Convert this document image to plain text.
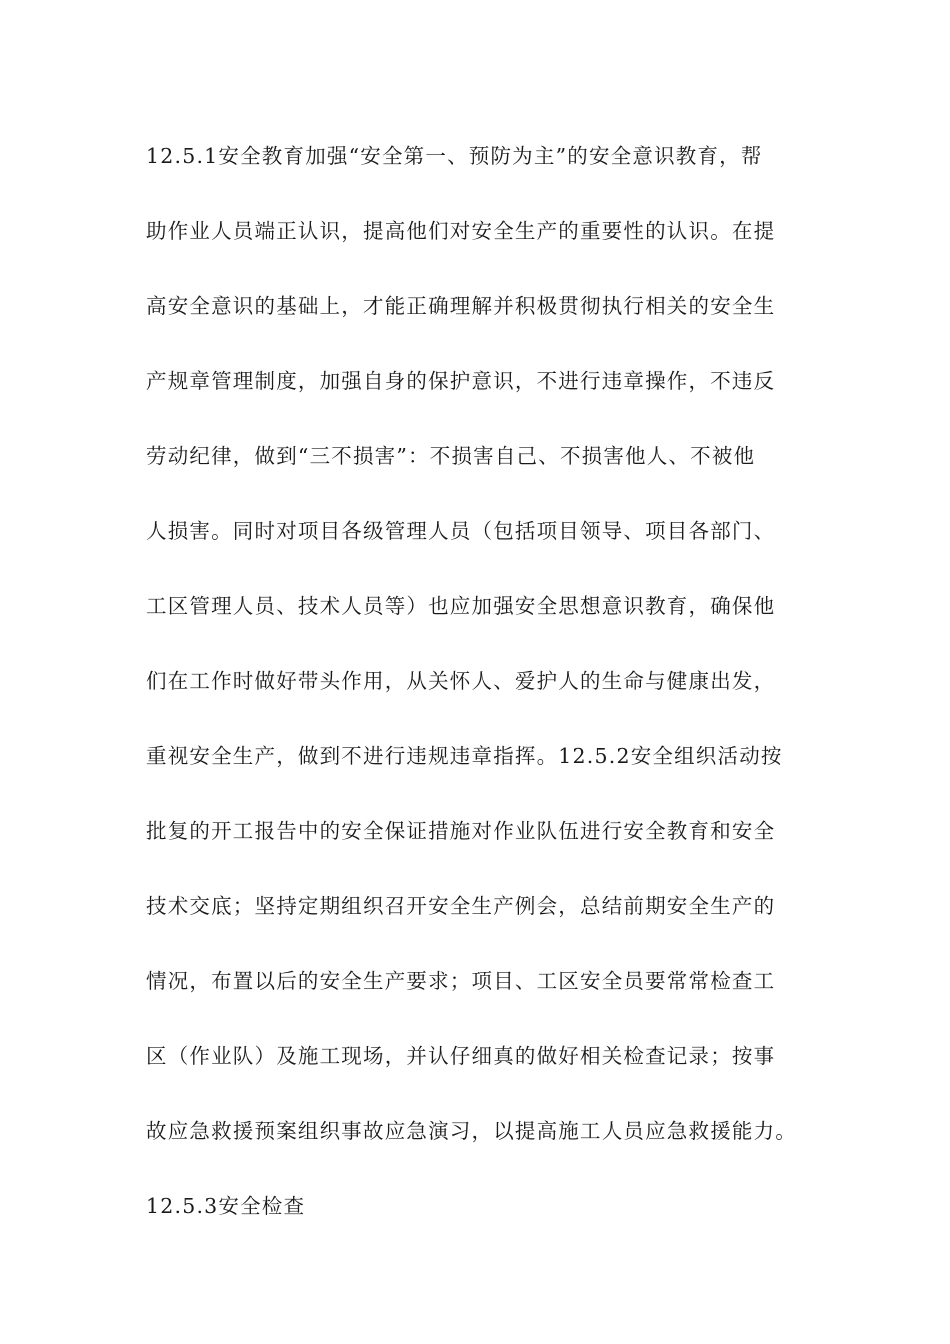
12.5.1安全教育加强“安全第一、预防为主”的安全意识教育，帮
助作业人员端正认识，提高他们对安全生产的重要性的认识。在提
高安全意识的基础上，才能正确理解并积极贯彻执行相关的安全生
产规章管理制度，加强自身的保护意识，不进行违章操作，不违反
劳动纪律，做到“三不损害”：不损害自己、不损害他人、不被他
人损害。同时对项目各级管理人员（包括项目领导、项目各部门、
工区管理人员、技术人员等）也应加强安全思想意识教育，确保他
们在工作时做好带头作用，从关怀人、爱护人的生命与健康出发，
重视安全生产，做到不进行违规违章指挥。12.5.2安全组织活动按
批复的开工报告中的安全保证措施对作业队伍进行安全教育和安全
技术交底；坚持定期组织召开安全生产例会，总结前期安全生产的
情况，布置以后的安全生产要求；项目、工区安全员要常常检查工
区（作业队）及施工现场，并认仔细真的做好相关检查记录；按事
故应急救援预案组织事故应急演习，以提高施工人员应急救援能力。
12.5.3安全检查
